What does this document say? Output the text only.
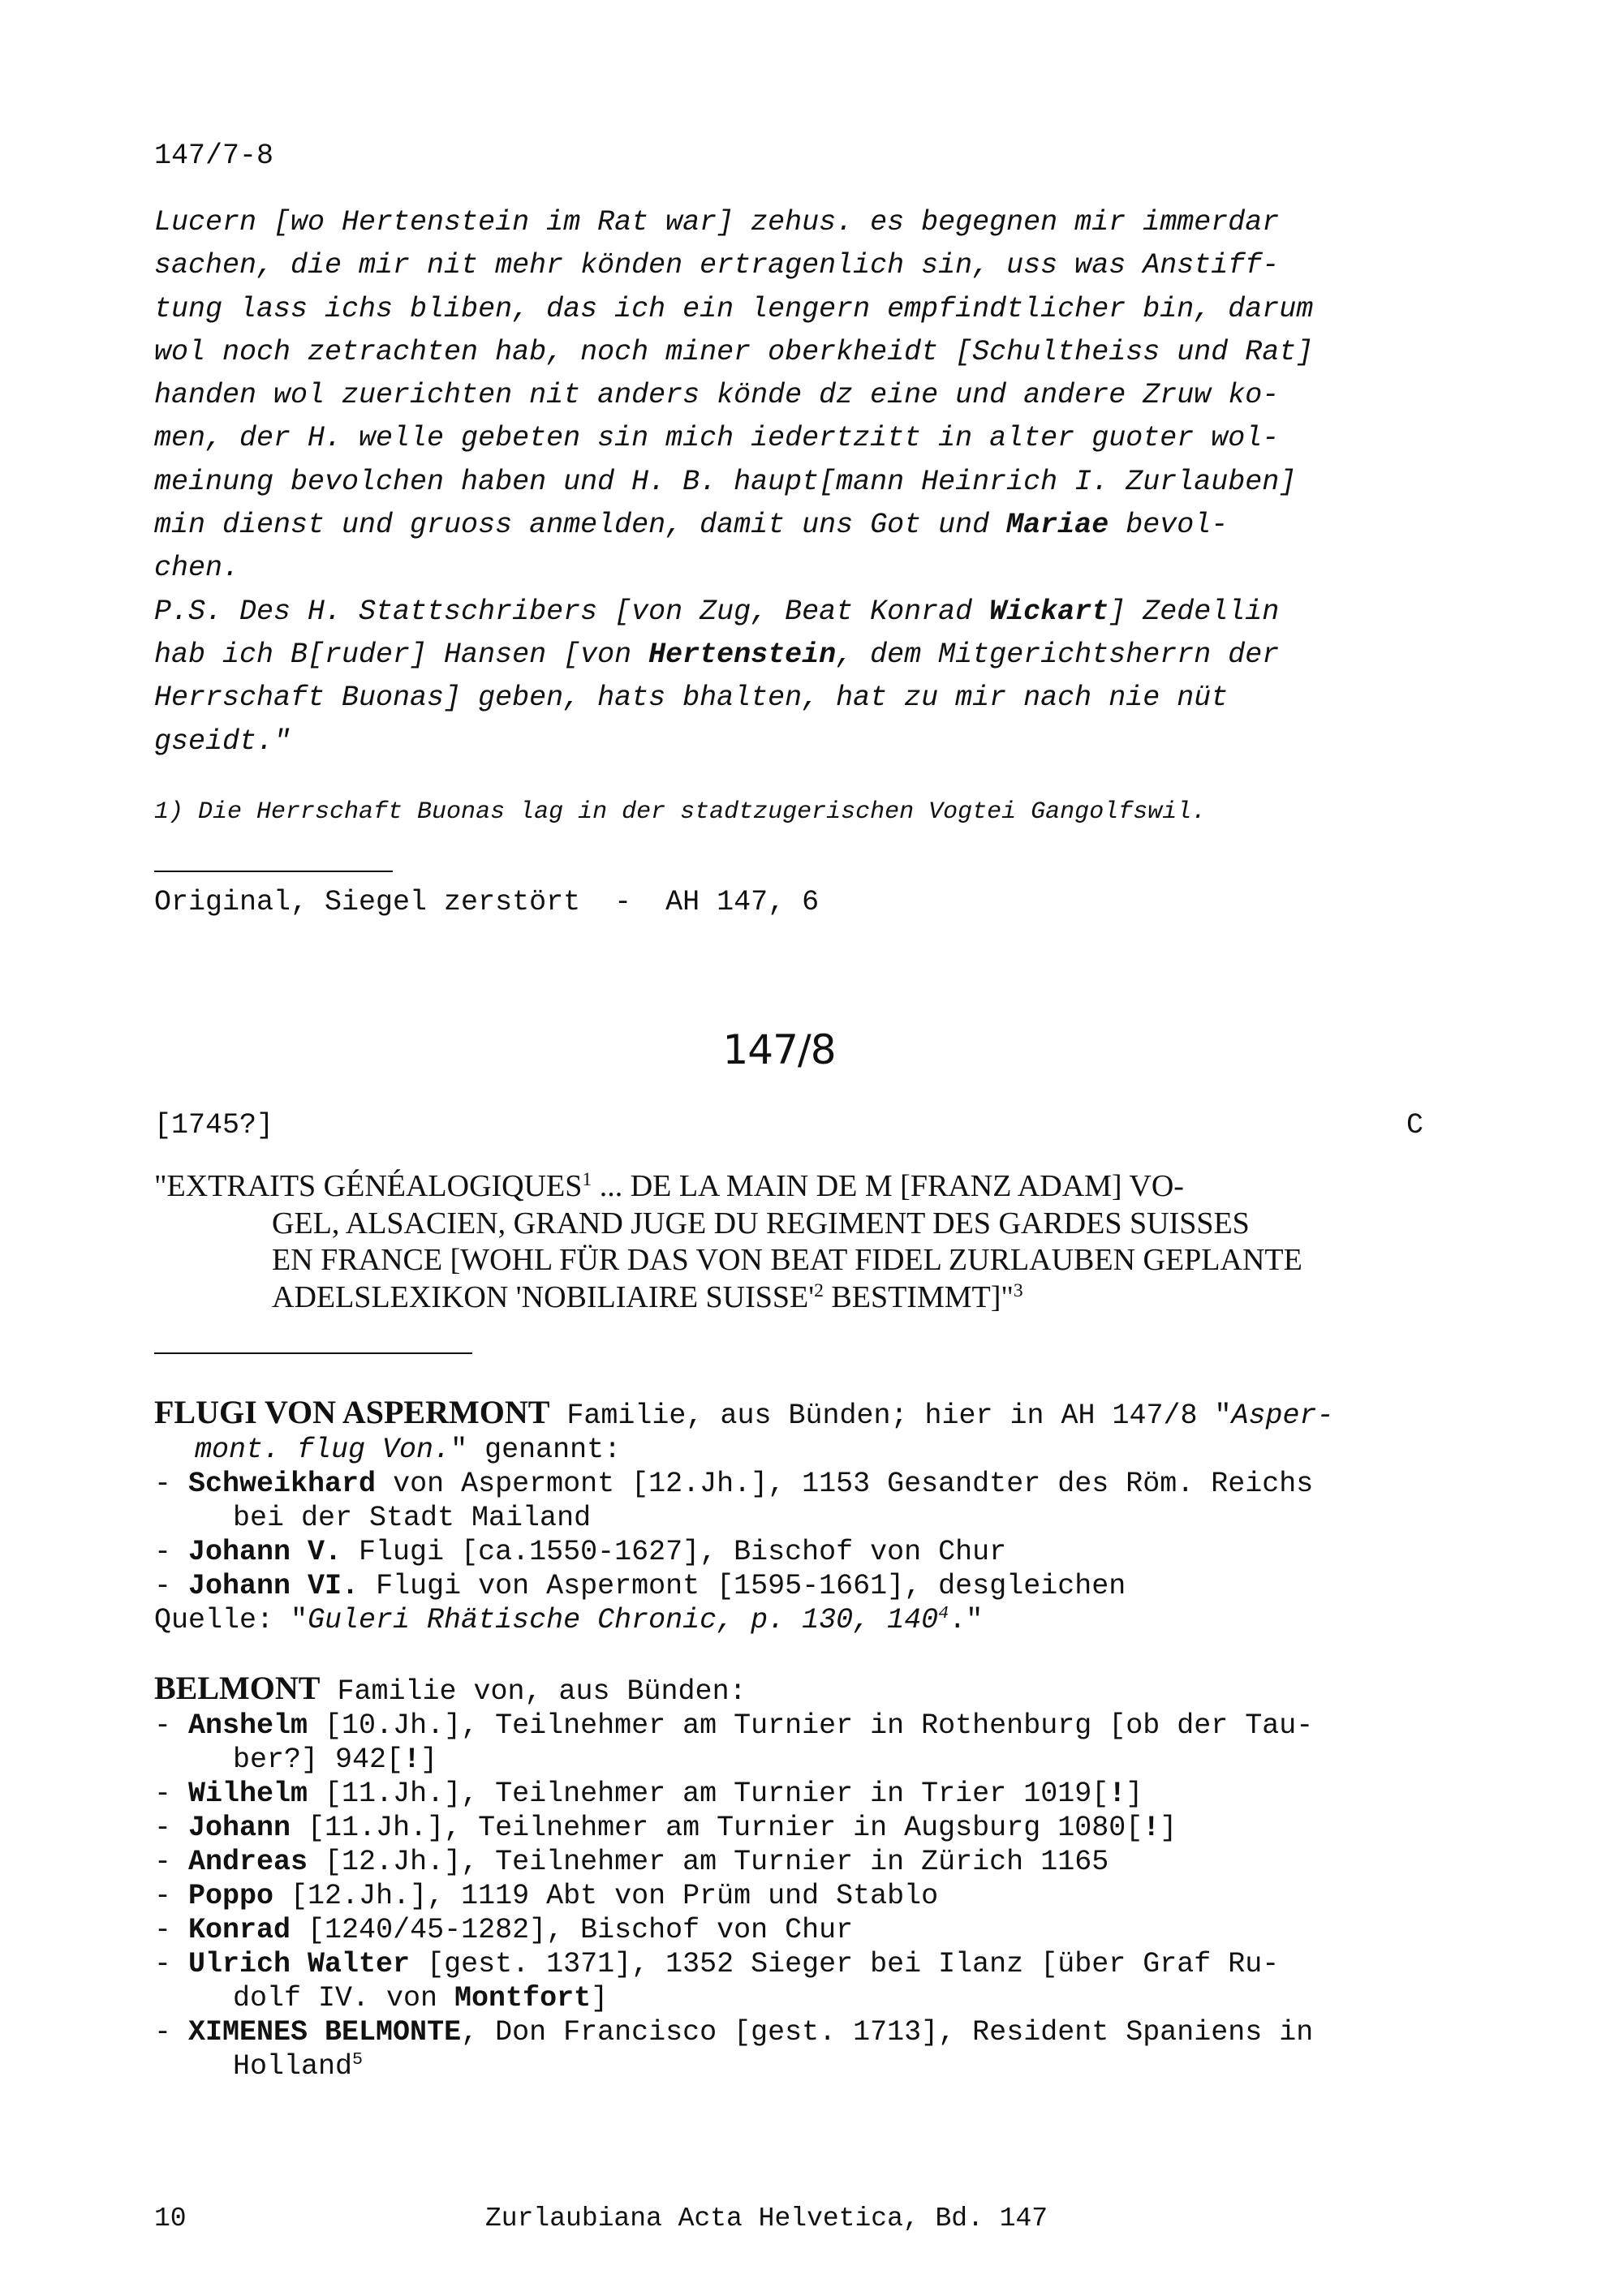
147/7-8
Lucern [wo Hertenstein im Rat war] zehus. es begegnen mir immerdar
sachen, die mir nit mehr könden ertragenlich sin, uss was Anstiff-
tung lass ichs bliben, das ich ein lengern empfindtlicher bin, darum
wol noch zetrachten hab, noch miner oberkheidt [Schultheiss und Rat]
handen wol zuerichten nit anders könde dz eine und andere Zruw ko-
men, der H. welle gebeten sin mich iedertzitt in alter guoter wol-
meinung bevolchen haben und H. B. haupt[mann Heinrich I. Zurlauben]
min dienst und gruoss anmelden, damit uns Got und Mariae bevol-
chen.
P.S. Des H. Stattschribers [von Zug, Beat Konrad Wickart] Zedellin
hab ich B[ruder] Hansen [von Hertenstein, dem Mitgerichtsherrn der
Herrschaft Buonas] geben, hats bhalten, hat zu mir nach nie nüt
gseidt."
1) Die Herrschaft Buonas lag in der stadtzugerischen Vogtei Gangolfswil.
Original, Siegel zerstört  -  AH 147, 6
147/8
[1745?]	C
"EXTRAITS GÉNÉALOGIQUES$^1$ ... DE LA MAIN DE M [FRANZ ADAM] VO-
GEL, ALSACIEN, GRAND JUGE DU REGIMENT DES GARDES SUISSES
EN FRANCE [WOHL FÜR DAS VON BEAT FIDEL ZURLAUBEN GEPLANTE
ADELSLEXIKON 'NOBILIAIRE $SUISSE'^2$ BESTIMMT]"$^3$
FLUGI VON ASPERMONT Familie, aus Bünden; hier in AH 147/8 "Asper-
mont. flug Von." genannt:
- Schweikhard von Aspermont [12.Jh.], 1153 Gesandter des Röm. Reichs
bei der Stadt Mailand
- Johann V. Flugi [ca.1550-1627], Bischof von Chur
- Johann VI. Flugi von Aspermont [1595-1661], desgleichen
Quelle: "Guleri Rhätische Chronic, p. 130, $140^4$."
BELMONT Familie von, aus Bünden:
- Anshelm [10.Jh.], Teilnehmer am Turnier in Rothenburg [ob der Tau-
ber?] 942[!]
- Wilhelm [11.Jh.], Teilnehmer am Turnier in Trier 1019[!]
- Johann [11.Jh.], Teilnehmer am Turnier in Augsburg 1080[!]
- Andreas [12.Jh.], Teilnehmer am Turnier in Zürich 1165
- Poppo [12.Jh.], 1119 Abt von Prüm und Stablo
- Konrad [1240/45-1282], Bischof von Chur
- Ulrich Walter [gest. 1371], 1352 Sieger bei Ilanz [über Graf Ru-
dolf IV. von Montfort]
- XIMENES BELMONTE, Don Francisco [gest. 1713], Resident Spaniens in
Holland$^5$
10	Zurlaubiana Acta Helvetica, Bd. 147
